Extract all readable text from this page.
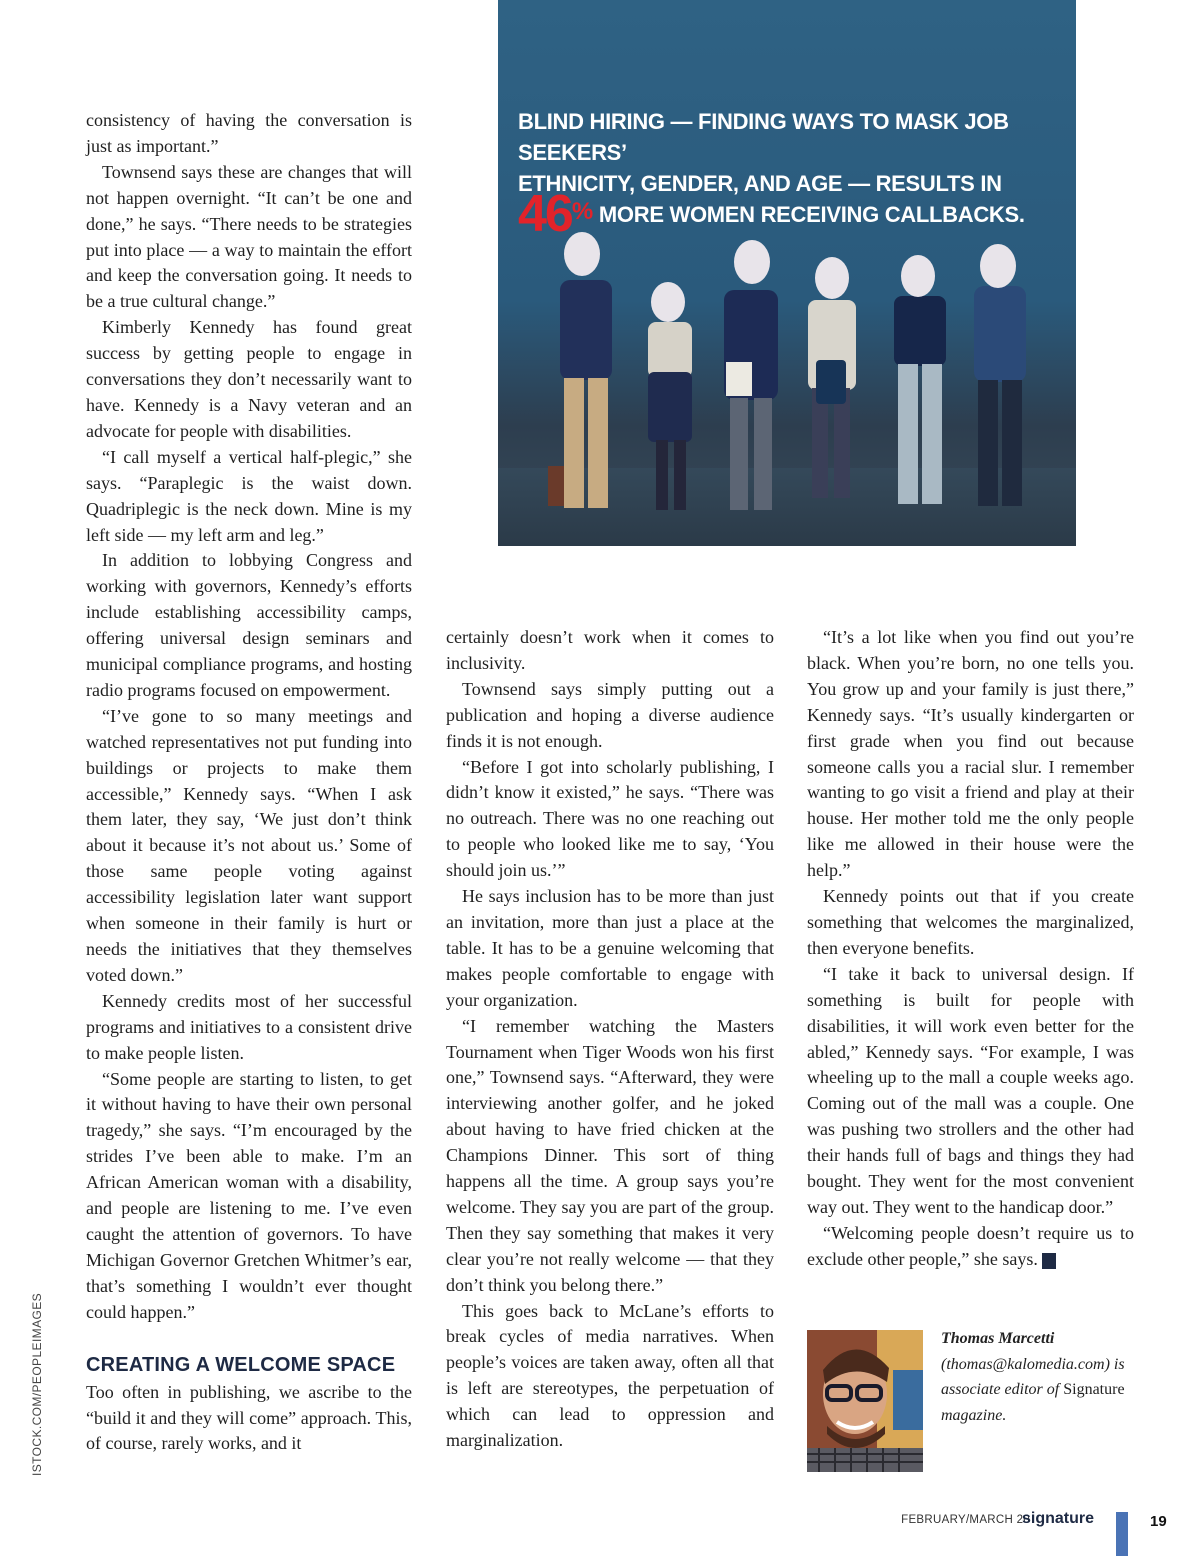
BLIND HIRING — FINDING WAYS TO MASK JOB SEEKERS’
ETHNICITY, GENDER, AND AGE — RESULTS IN
46 % MORE WOMEN RECEIVING CALLBACKS.
ISTOCK.COM/PEOPLEIMAGES

consistency of having the conversation is just as important.”

Townsend says these are changes that will not happen overnight. “It can’t be one and done,” he says. “There needs to be strategies put into place — a way to maintain the effort and keep the conversation going. It needs to be a true cultural change.”

Kimberly Kennedy has found great success by getting people to engage in conversations they don’t necessarily want to have. Kennedy is a Navy veteran and an advocate for people with disabilities.

“I call myself a vertical half-plegic,” she says. “Paraplegic is the waist down. Quadriplegic is the neck down. Mine is my left side — my left arm and leg.”

In addition to lobbying Congress and working with governors, Kennedy’s efforts include establishing accessibility camps, offering universal design seminars and municipal compliance programs, and hosting radio programs focused on empowerment.

“I’ve gone to so many meetings and watched representatives not put funding into buildings or projects to make them accessible,” Kennedy says. “When I ask them later, they say, ‘We just don’t think about it because it’s not about us.’ Some of those same people voting against accessibility legislation later want support when someone in their family is hurt or needs the initiatives that they themselves voted down.”

Kennedy credits most of her successful programs and initiatives to a consistent drive to make people listen.

“Some people are starting to listen, to get it without having to have their own personal tragedy,” she says. “I’m encouraged by the strides I’ve been able to make. I’m an African American woman with a disability, and people are listening to me. I’ve even caught the attention of governors. To have Michigan Governor Gretchen Whitmer’s ear, that’s something I wouldn’t ever thought could happen.”

CREATING A WELCOME SPACE

Too often in publishing, we ascribe to the “build it and they will come” approach. This, of course, rarely works, and it

certainly doesn’t work when it comes to inclusivity.

Townsend says simply putting out a publication and hoping a diverse audience finds it is not enough.

“Before I got into scholarly publishing, I didn’t know it existed,” he says. “There was no outreach. There was no one reaching out to people who looked like me to say, ‘You should join us.’”

He says inclusion has to be more than just an invitation, more than just a place at the table. It has to be a genuine welcoming that makes people comfortable to engage with your organization.

“I remember watching the Masters Tournament when Tiger Woods won his first one,” Townsend says. “Afterward, they were interviewing another golfer, and he joked about having to have fried chicken at the Champions Dinner. This sort of thing happens all the time. A group says you’re welcome. They say you are part of the group. Then they say something that makes it very clear you’re not really welcome — that they don’t think you belong there.”

This goes back to McLane’s efforts to break cycles of media narratives. When people’s voices are taken away, often all that is left are stereotypes, the perpetuation of which can lead to oppression and marginalization.

“It’s a lot like when you find out you’re black. When you’re born, no one tells you. You grow up and your family is just there,” Kennedy says. “It’s usually kindergarten or first grade when you find out because someone calls you a racial slur. I remember wanting to go visit a friend and play at their house. Her mother told me the only people like me allowed in their house were the help.”

Kennedy points out that if you create something that welcomes the marginalized, then everyone benefits.

“I take it back to universal design. If something is built for people with disabilities, it will work even better for the abled,” Kennedy says. “For example, I was wheeling up to the mall a couple weeks ago. Coming out of the mall was a couple. One was pushing two strollers and the other had their hands full of bags and things they had bought. They went for the most convenient way out. They went to the handicap door.”

“Welcoming people doesn’t require us to exclude other people,” she says.	AM&P

Thomas Marcetti
(thomas@kalomedia.com) is associate editor of Signature magazine.
FEBRUARY/MARCH 20
signature	19
